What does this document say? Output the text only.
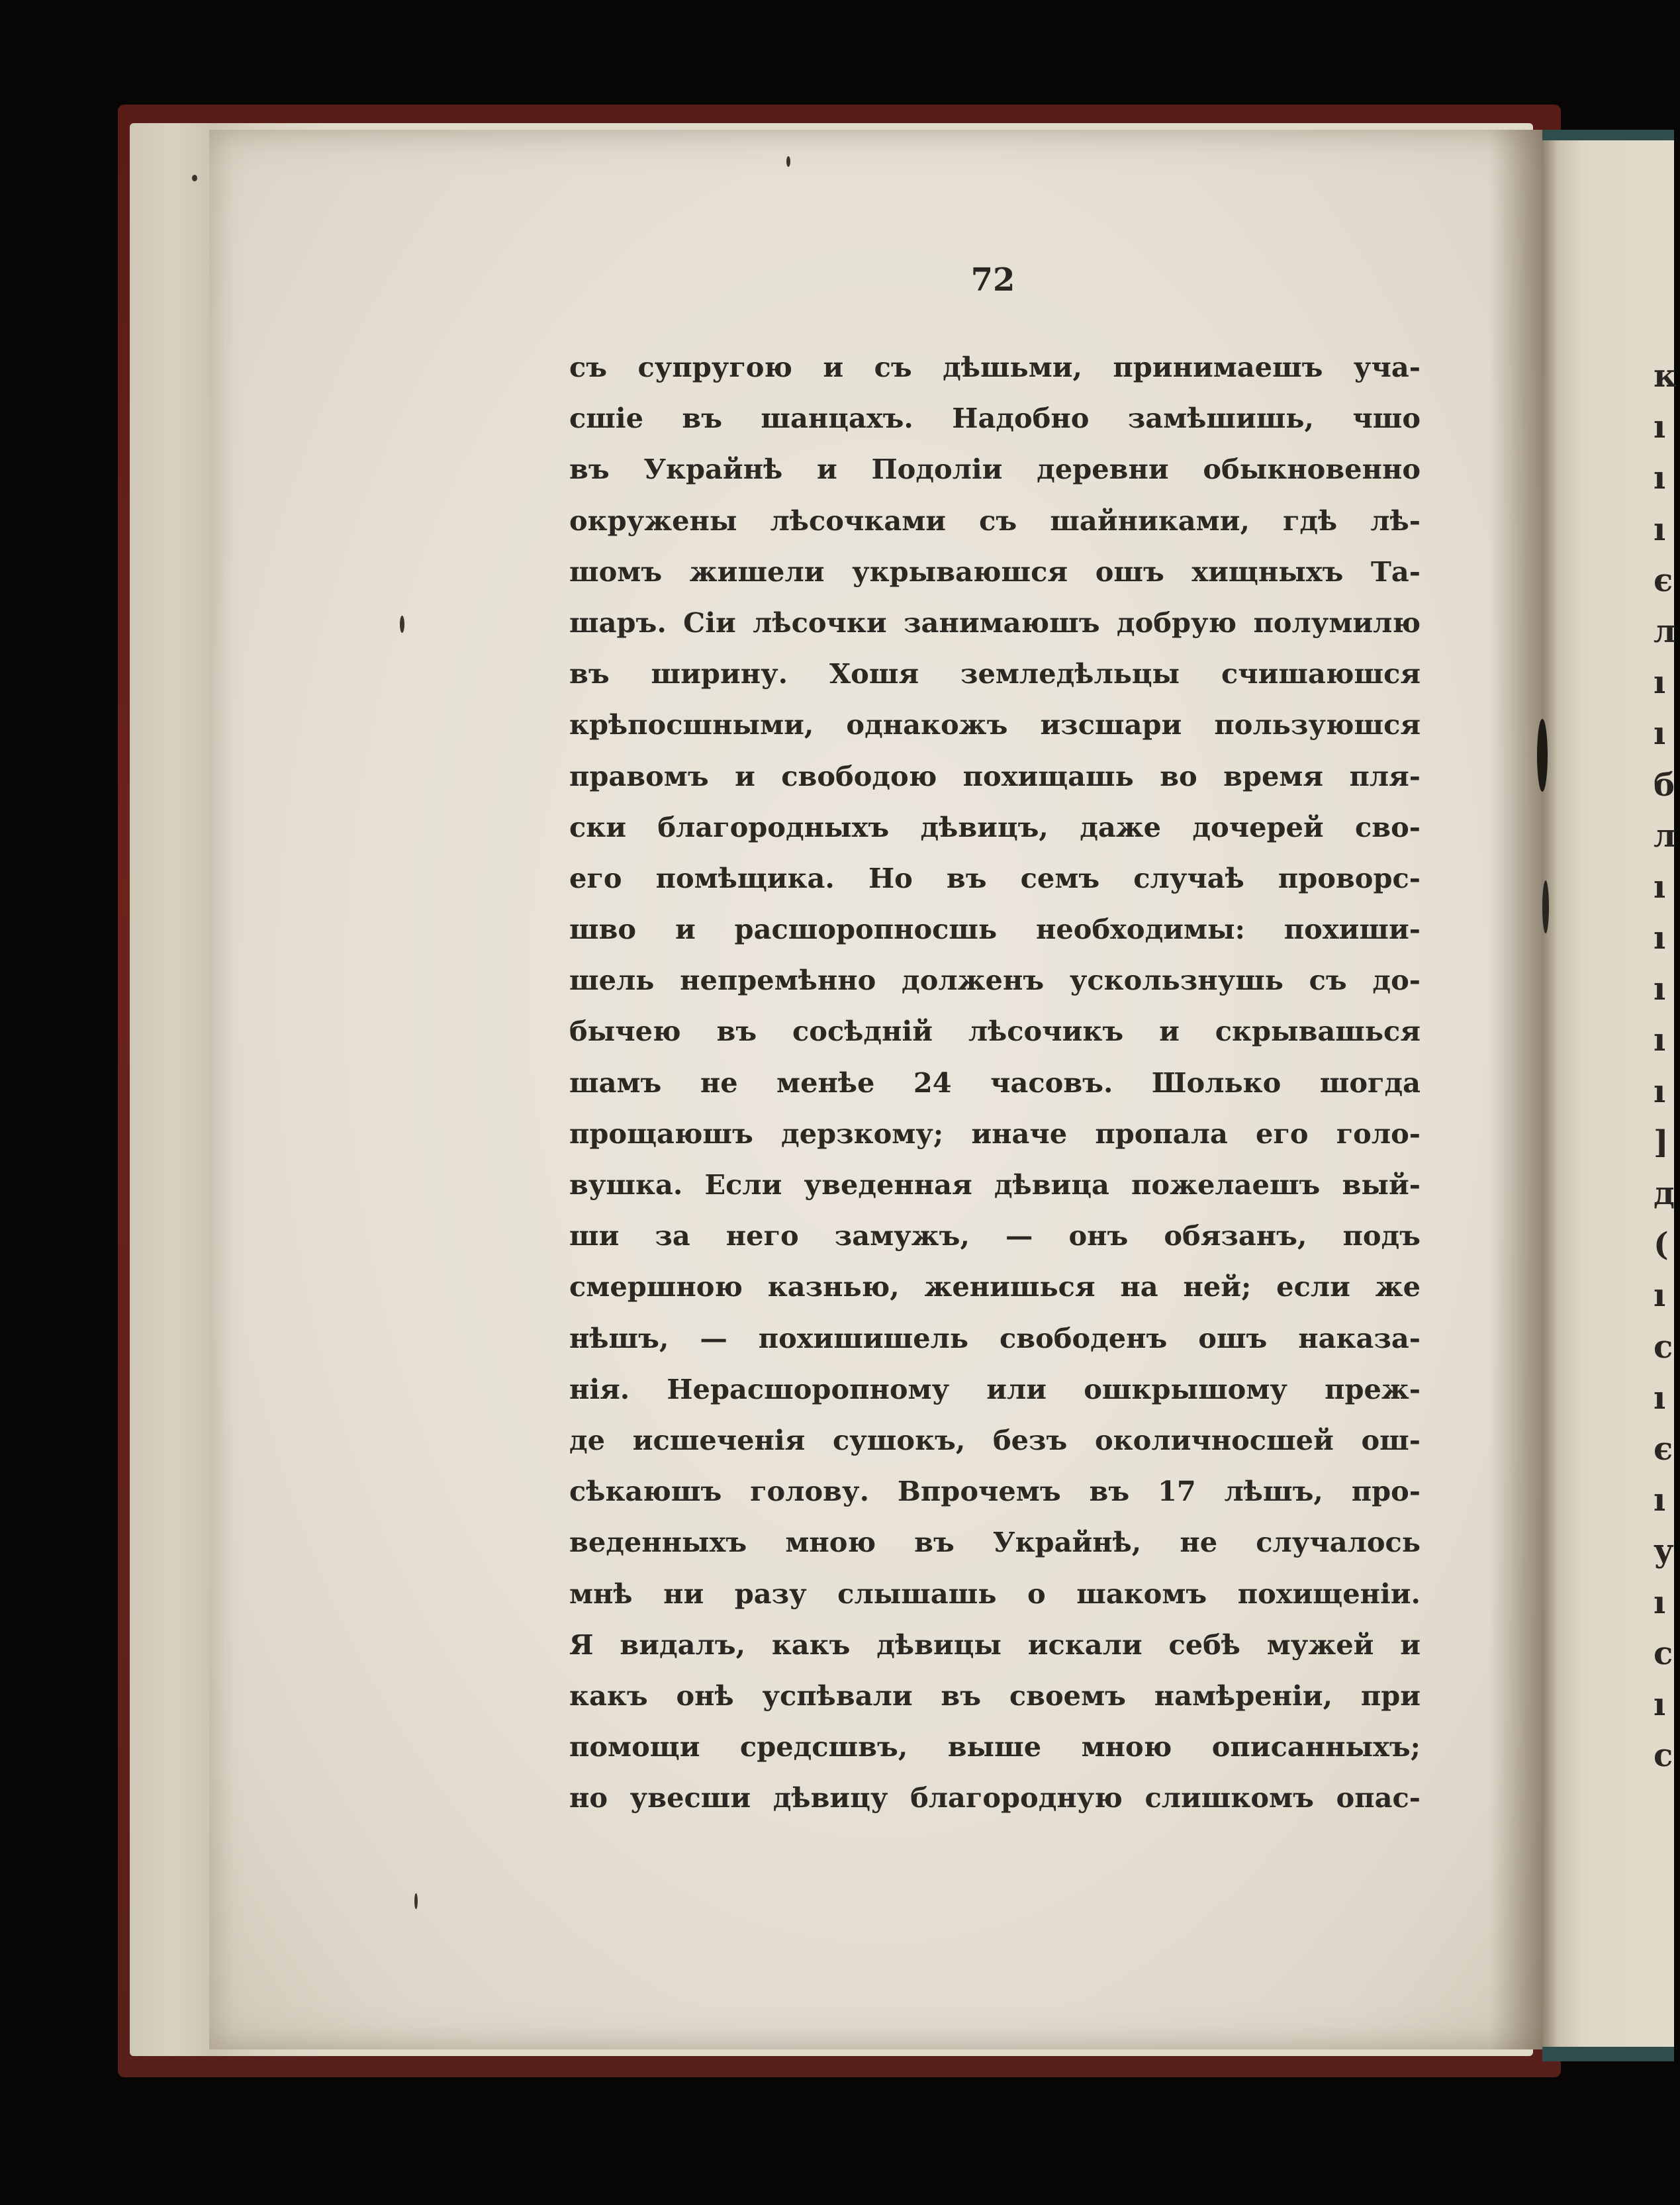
к
ı
ı
ı
є
л
ı
ı
б
л
ı
ı
ı
ı
ı
]
д
(
ı
с
ı
є
ı
у
ı
с
ı
с
72
съ супругою и съ дѣшьми, принимаешъ уча-
сшіе въ шанцахъ. Надобно замѣшишь, чшо
въ Украйнѣ и Подоліи деревни обыкновенно
окружены лѣсочками съ шайниками, гдѣ лѣ-
шомъ жишели укрываюшся ошъ хищныхъ Та-
шаръ. Сіи лѣсочки занимаюшъ добрую полумилю
въ ширину. Хошя земледѣльцы счишаюшся
крѣпосшными, однакожъ изсшари пользуюшся
правомъ и свободою похищашь во время пля-
ски благородныхъ дѣвицъ, даже дочерей сво-
его помѣщика. Но въ семъ случаѣ проворс-
шво и расшоропносшь необходимы: похиши-
шель непремѣнно долженъ ускользнушь съ до-
бычею въ сосѣдній лѣсочикъ и скрывашься
шамъ не менѣе 24 часовъ. Шолько шогда
прощаюшъ дерзкому; иначе пропала его голо-
вушка. Если уведенная дѣвица пожелаешъ вый-
ши за него замужъ, — онъ обязанъ, подъ
смершною казнью, женишься на ней; если же
нѣшъ, — похишишель свободенъ ошъ наказа-
нія. Нерасшоропному или ошкрышому преж-
де исшеченія сушокъ, безъ околичносшей ош-
сѣкаюшъ голову. Впрочемъ въ 17 лѣшъ, про-
веденныхъ мною въ Украйнѣ, не случалось
мнѣ ни разу слышашь о шакомъ похищеніи.
Я видалъ, какъ дѣвицы искали себѣ мужей и
какъ онѣ успѣвали въ своемъ намѣреніи, при
помощи средсшвъ, выше мною описанныхъ;
но увесши дѣвицу благородную слишкомъ опас-
